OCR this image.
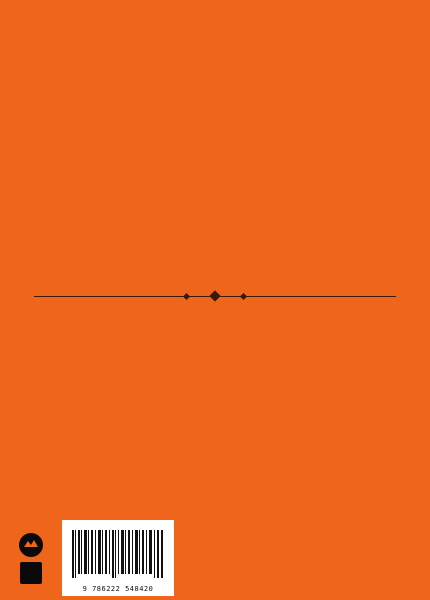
9 786222 548420
